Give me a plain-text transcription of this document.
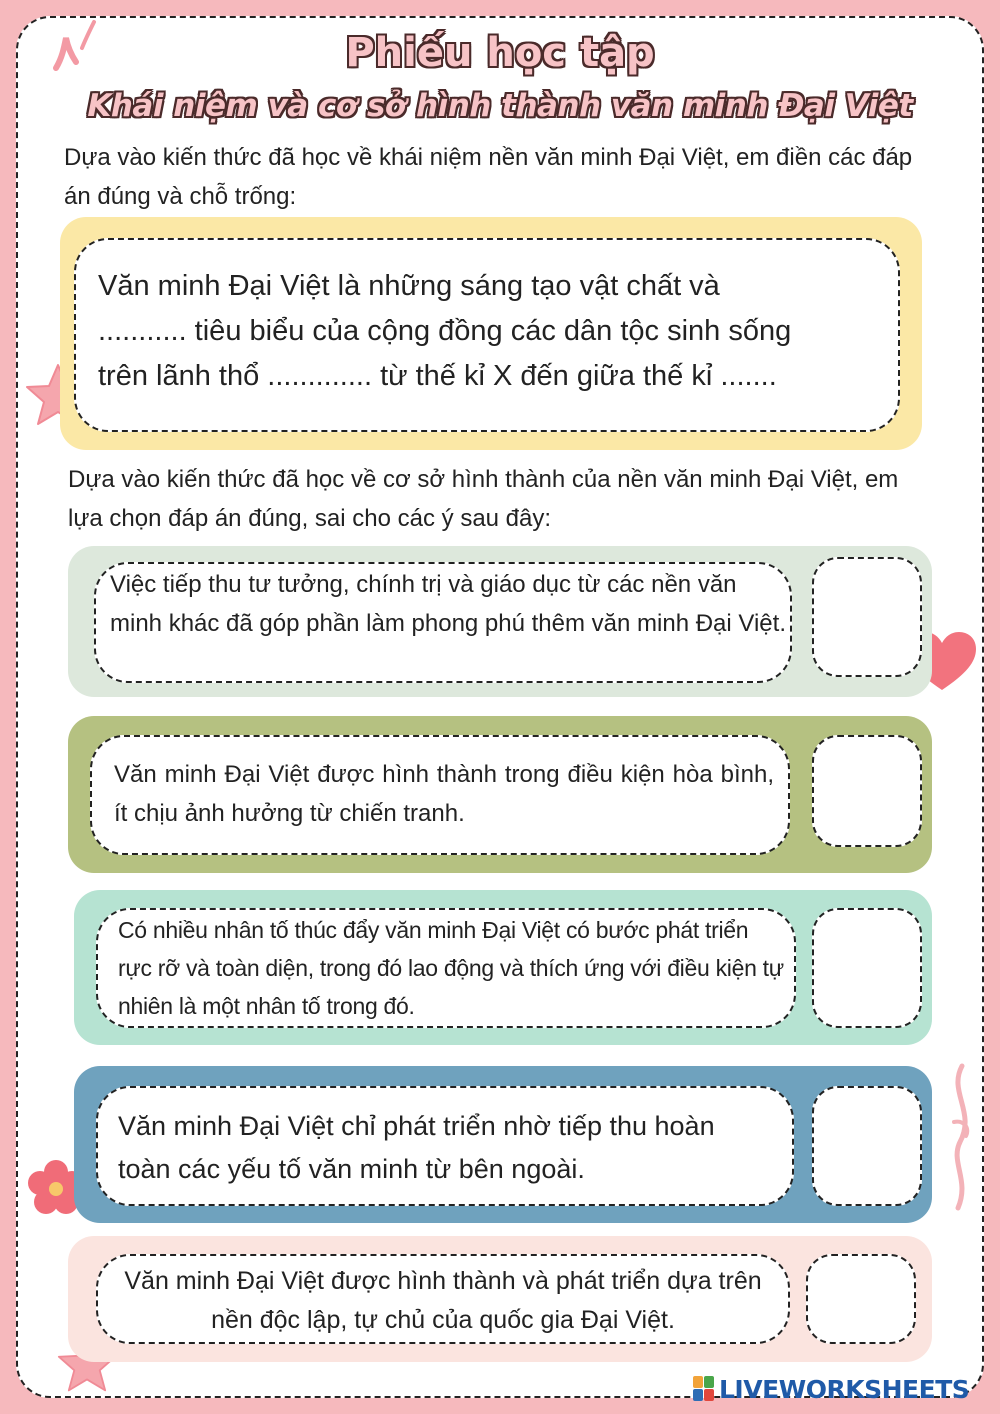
Phiếu học tập
Khái niệm và cơ sở hình thành văn minh Đại Việt
Dựa vào kiến thức đã học về khái niệm nền văn minh Đại Việt, em điền các đáp án đúng và chỗ trống:
Văn minh Đại Việt là những sáng tạo vật chất và
........... tiêu biểu của cộng đồng các dân tộc sinh sống
trên lãnh thổ ............. từ thế kỉ X đến giữa thế kỉ .......
Dựa vào kiến thức đã học về cơ sở hình thành của nền văn minh Đại Việt, em lựa chọn đáp án đúng, sai cho các ý sau đây:
Việc tiếp thu tư tưởng, chính trị và giáo dục từ các nền văn minh khác đã góp phần làm phong phú thêm văn minh Đại Việt.
Văn minh Đại Việt được hình thành trong điều kiện hòa bình, ít chịu ảnh hưởng từ chiến tranh.
Có nhiều nhân tố thúc đẩy văn minh Đại Việt có bước phát triển rực rỡ và toàn diện, trong đó lao động và thích ứng với điều kiện tự nhiên là một nhân tố trong đó.
Văn minh Đại Việt chỉ phát triển nhờ tiếp thu hoàn toàn các yếu tố văn minh từ bên ngoài.
Văn minh Đại Việt được hình thành và phát triển dựa trên nền độc lập, tự chủ của quốc gia Đại Việt.
LIVEWORKSHEETS
